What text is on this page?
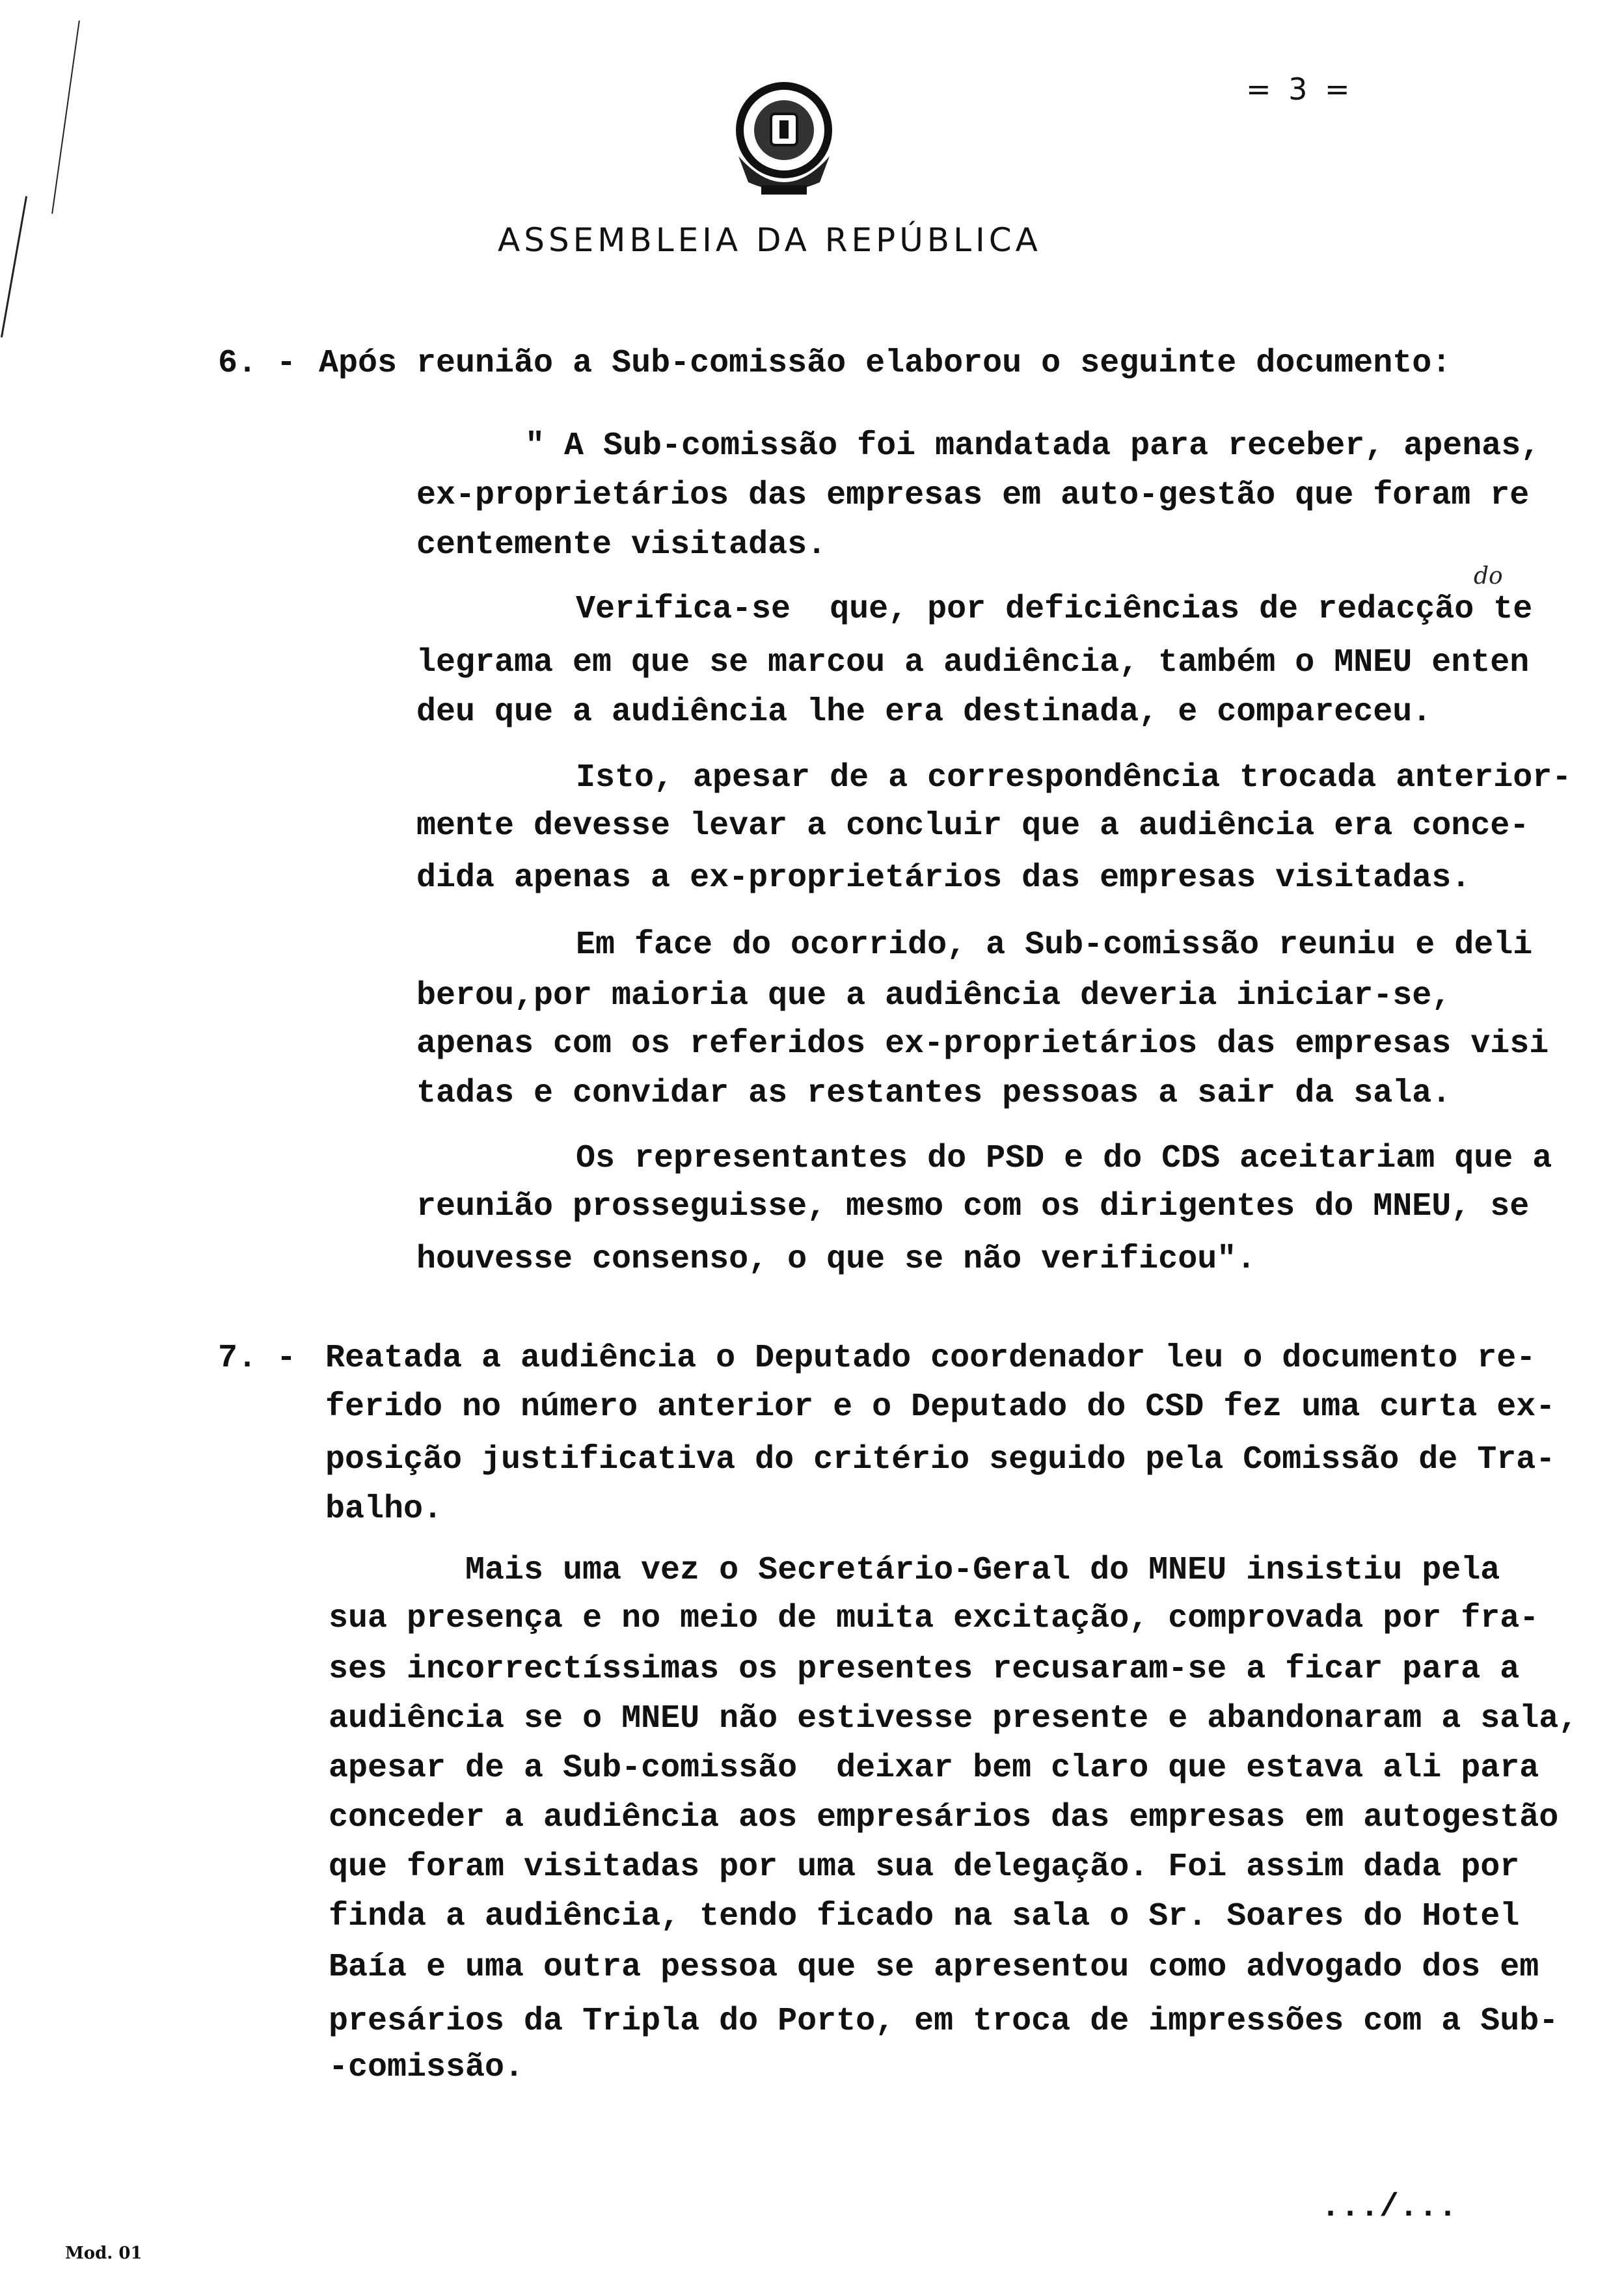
= 3 =
ASSEMBLEIA DA REPÚBLICA
6. - Após reunião a Sub-comissão elaborou o seguinte documento:
" A Sub-comissão foi mandatada para receber, apenas,
ex-proprietários das empresas em auto-gestão que foram re
centemente visitadas.
do
Verifica-se  que, por deficiências de redacção te
legrama em que se marcou a audiência, também o MNEU enten
deu que a audiência lhe era destinada, e compareceu.
Isto, apesar de a correspondência trocada anterior-
mente devesse levar a concluir que a audiência era conce-
dida apenas a ex-proprietários das empresas visitadas.
Em face do ocorrido, a Sub-comissão reuniu e deli
berou,por maioria que a audiência deveria iniciar-se,
apenas com os referidos ex-proprietários das empresas visi
tadas e convidar as restantes pessoas a sair da sala.
Os representantes do PSD e do CDS aceitariam que a
reunião prosseguisse, mesmo com os dirigentes do MNEU, se
houvesse consenso, o que se não verificou".
7. - Reatada a audiência o Deputado coordenador leu o documento re-
ferido no número anterior e o Deputado do CSD fez uma curta ex-
posição justificativa do critério seguido pela Comissão de Tra-
balho.
Mais uma vez o Secretário-Geral do MNEU insistiu pela
sua presença e no meio de muita excitação, comprovada por fra-
ses incorrectíssimas os presentes recusaram-se a ficar para a
audiência se o MNEU não estivesse presente e abandonaram a sala,
apesar de a Sub-comissão  deixar bem claro que estava ali para
conceder a audiência aos empresários das empresas em autogestão
que foram visitadas por uma sua delegação. Foi assim dada por
finda a audiência, tendo ficado na sala o Sr. Soares do Hotel
Baía e uma outra pessoa que se apresentou como advogado dos em
presários da Tripla do Porto, em troca de impressões com a Sub-
-comissão.
.../...
Mod. 01
